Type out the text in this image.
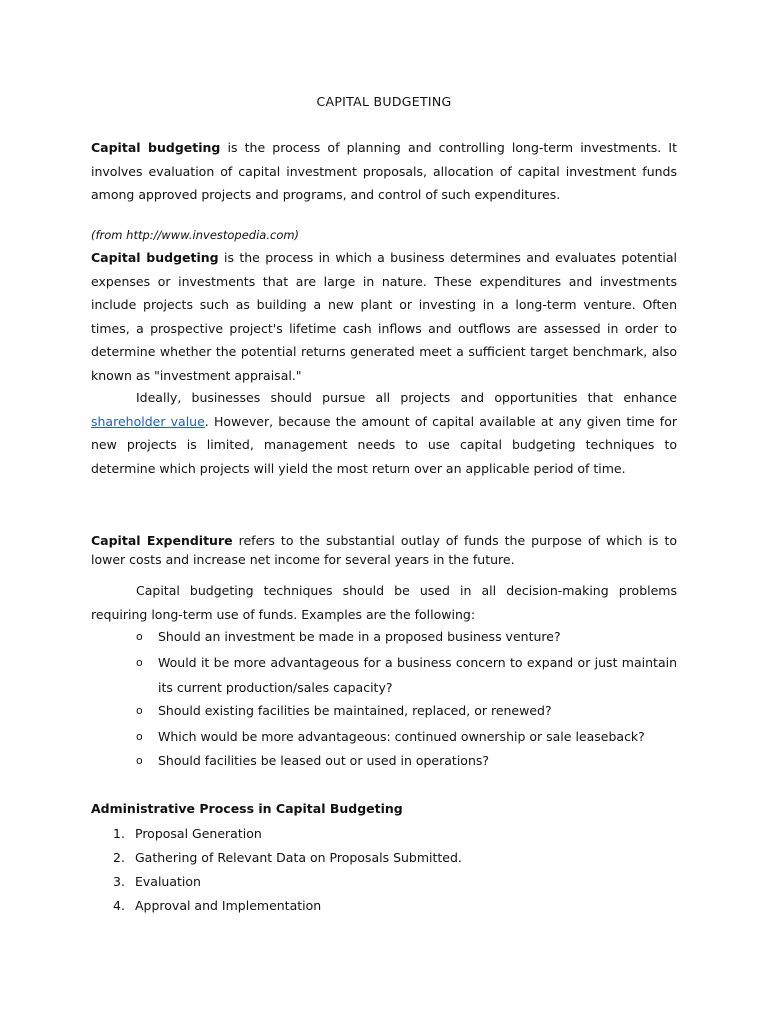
CAPITAL BUDGETING
Capital budgeting is the process of planning and controlling long-term investments. It involves evaluation of capital investment proposals, allocation of capital investment funds among approved projects and programs, and control of such expenditures.
(from http://www.investopedia.com)
Capital budgeting is the process in which a business determines and evaluates potential expenses or investments that are large in nature. These expenditures and investments include projects such as building a new plant or investing in a long-term venture. Often times, a prospective project's lifetime cash inflows and outflows are assessed in order to determine whether the potential returns generated meet a sufficient target benchmark, also known as "investment appraisal."
Ideally, businesses should pursue all projects and opportunities that enhance shareholder value. However, because the amount of capital available at any given time for new projects is limited, management needs to use capital budgeting techniques to determine which projects will yield the most return over an applicable period of time.
Capital Expenditure refers to the substantial outlay of funds the purpose of which is to lower costs and increase net income for several years in the future.
Capital budgeting techniques should be used in all decision-making problems requiring long-term use of funds. Examples are the following:
o Should an investment be made in a proposed business venture?
o Would it be more advantageous for a business concern to expand or just maintain its current production/sales capacity?
o Should existing facilities be maintained, replaced, or renewed?
o Which would be more advantageous: continued ownership or sale leaseback?
o Should facilities be leased out or used in operations?
Administrative Process in Capital Budgeting
1. Proposal Generation
2. Gathering of Relevant Data on Proposals Submitted.
3. Evaluation
4. Approval and Implementation
